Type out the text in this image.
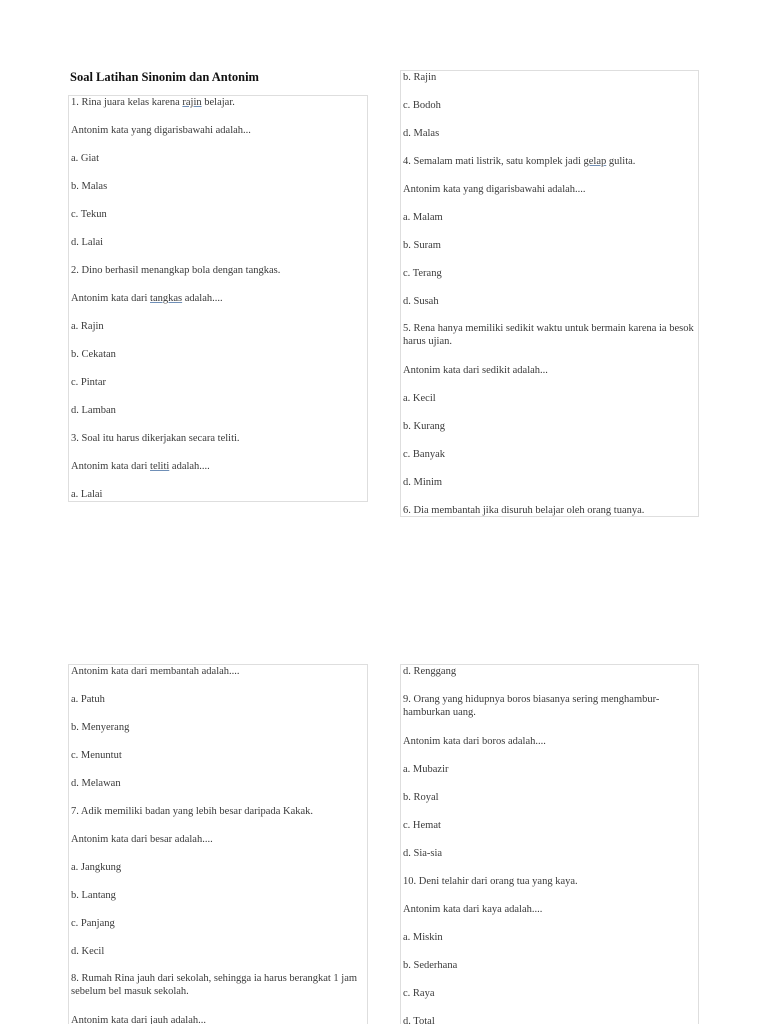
Soal Latihan Sinonim dan Antonim
1. Rina juara kelas karena rajin belajar.
Antonim kata yang digarisbawahi adalah...
a. Giat
b. Malas
c. Tekun
d. Lalai
2. Dino berhasil menangkap bola dengan tangkas.
Antonim kata dari tangkas adalah....
a. Rajin
b. Cekatan
c. Pintar
d. Lamban
3. Soal itu harus dikerjakan secara teliti.
Antonim kata dari teliti adalah....
a. Lalai
b. Rajin
c. Bodoh
d. Malas
4. Semalam mati listrik, satu komplek jadi gelap gulita.
Antonim kata yang digarisbawahi adalah....
a. Malam
b. Suram
c. Terang
d. Susah
5. Rena hanya memiliki sedikit waktu untuk bermain karena ia besok harus ujian.
Antonim kata dari sedikit adalah...
a. Kecil
b. Kurang
c. Banyak
d. Minim
6. Dia membantah jika disuruh belajar oleh orang tuanya.
Antonim kata dari membantah adalah....
a. Patuh
b. Menyerang
c. Menuntut
d. Melawan
7. Adik memiliki badan yang lebih besar daripada Kakak.
Antonim kata dari besar adalah....
a. Jangkung
b. Lantang
c. Panjang
d. Kecil
8. Rumah Rina jauh dari sekolah, sehingga ia harus berangkat 1 jam sebelum bel masuk sekolah.
Antonim kata dari jauh adalah...
d. Renggang
9. Orang yang hidupnya boros biasanya sering menghambur-hamburkan uang.
Antonim kata dari boros adalah....
a. Mubazir
b. Royal
c. Hemat
d. Sia-sia
10. Deni telahir dari orang tua yang kaya.
Antonim kata dari kaya adalah....
a. Miskin
b. Sederhana
c. Raya
d. Total
